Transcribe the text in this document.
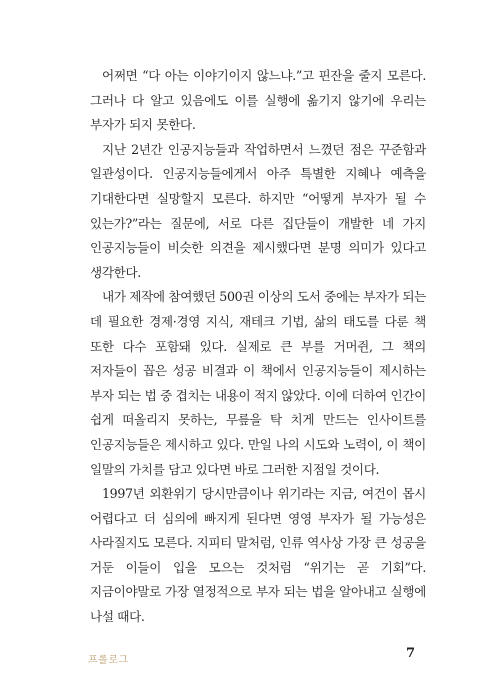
어쩌면 “다 아는 이야기이지 않느냐.”고 핀잔을 줄지 모른다. 그러나 다 알고 있음에도 이를 실행에 옮기지 않기에 우리는 부자가 되지 못한다.

지난 2년간 인공지능들과 작업하면서 느꼈던 점은 꾸준함과 일관성이다. 인공지능들에게서 아주 특별한 지혜나 예측을 기대한다면 실망할지 모른다. 하지만 “어떻게 부자가 될 수 있는가?”라는 질문에, 서로 다른 집단들이 개발한 네 가지 인공지능들이 비슷한 의견을 제시했다면 분명 의미가 있다고 생각한다.

내가 제작에 참여했던 500권 이상의 도서 중에는 부자가 되는 데 필요한 경제·경영 지식, 재테크 기법, 삶의 태도를 다룬 책 또한 다수 포함돼 있다. 실제로 큰 부를 거머쥔, 그 책의 저자들이 꼽은 성공 비결과 이 책에서 인공지능들이 제시하는 부자 되는 법 중 겹치는 내용이 적지 않았다. 이에 더하여 인간이 쉽게 떠올리지 못하는, 무릎을 탁 치게 만드는 인사이트를 인공지능들은 제시하고 있다. 만일 나의 시도와 노력이, 이 책이 일말의 가치를 담고 있다면 바로 그러한 지점일 것이다.

1997년 외환위기 당시만큼이나 위기라는 지금, 여건이 몹시 어렵다고 더 심의에 빠지게 된다면 영영 부자가 될 가능성은 사라질지도 모른다. 지피티 말처럼, 인류 역사상 가장 큰 성공을 거둔 이들이 입을 모으는 것처럼 “위기는 곧 기회”다. 지금이야말로 가장 열정적으로 부자 되는 법을 알아내고 실행에 나설 때다.

프롤로그	7
